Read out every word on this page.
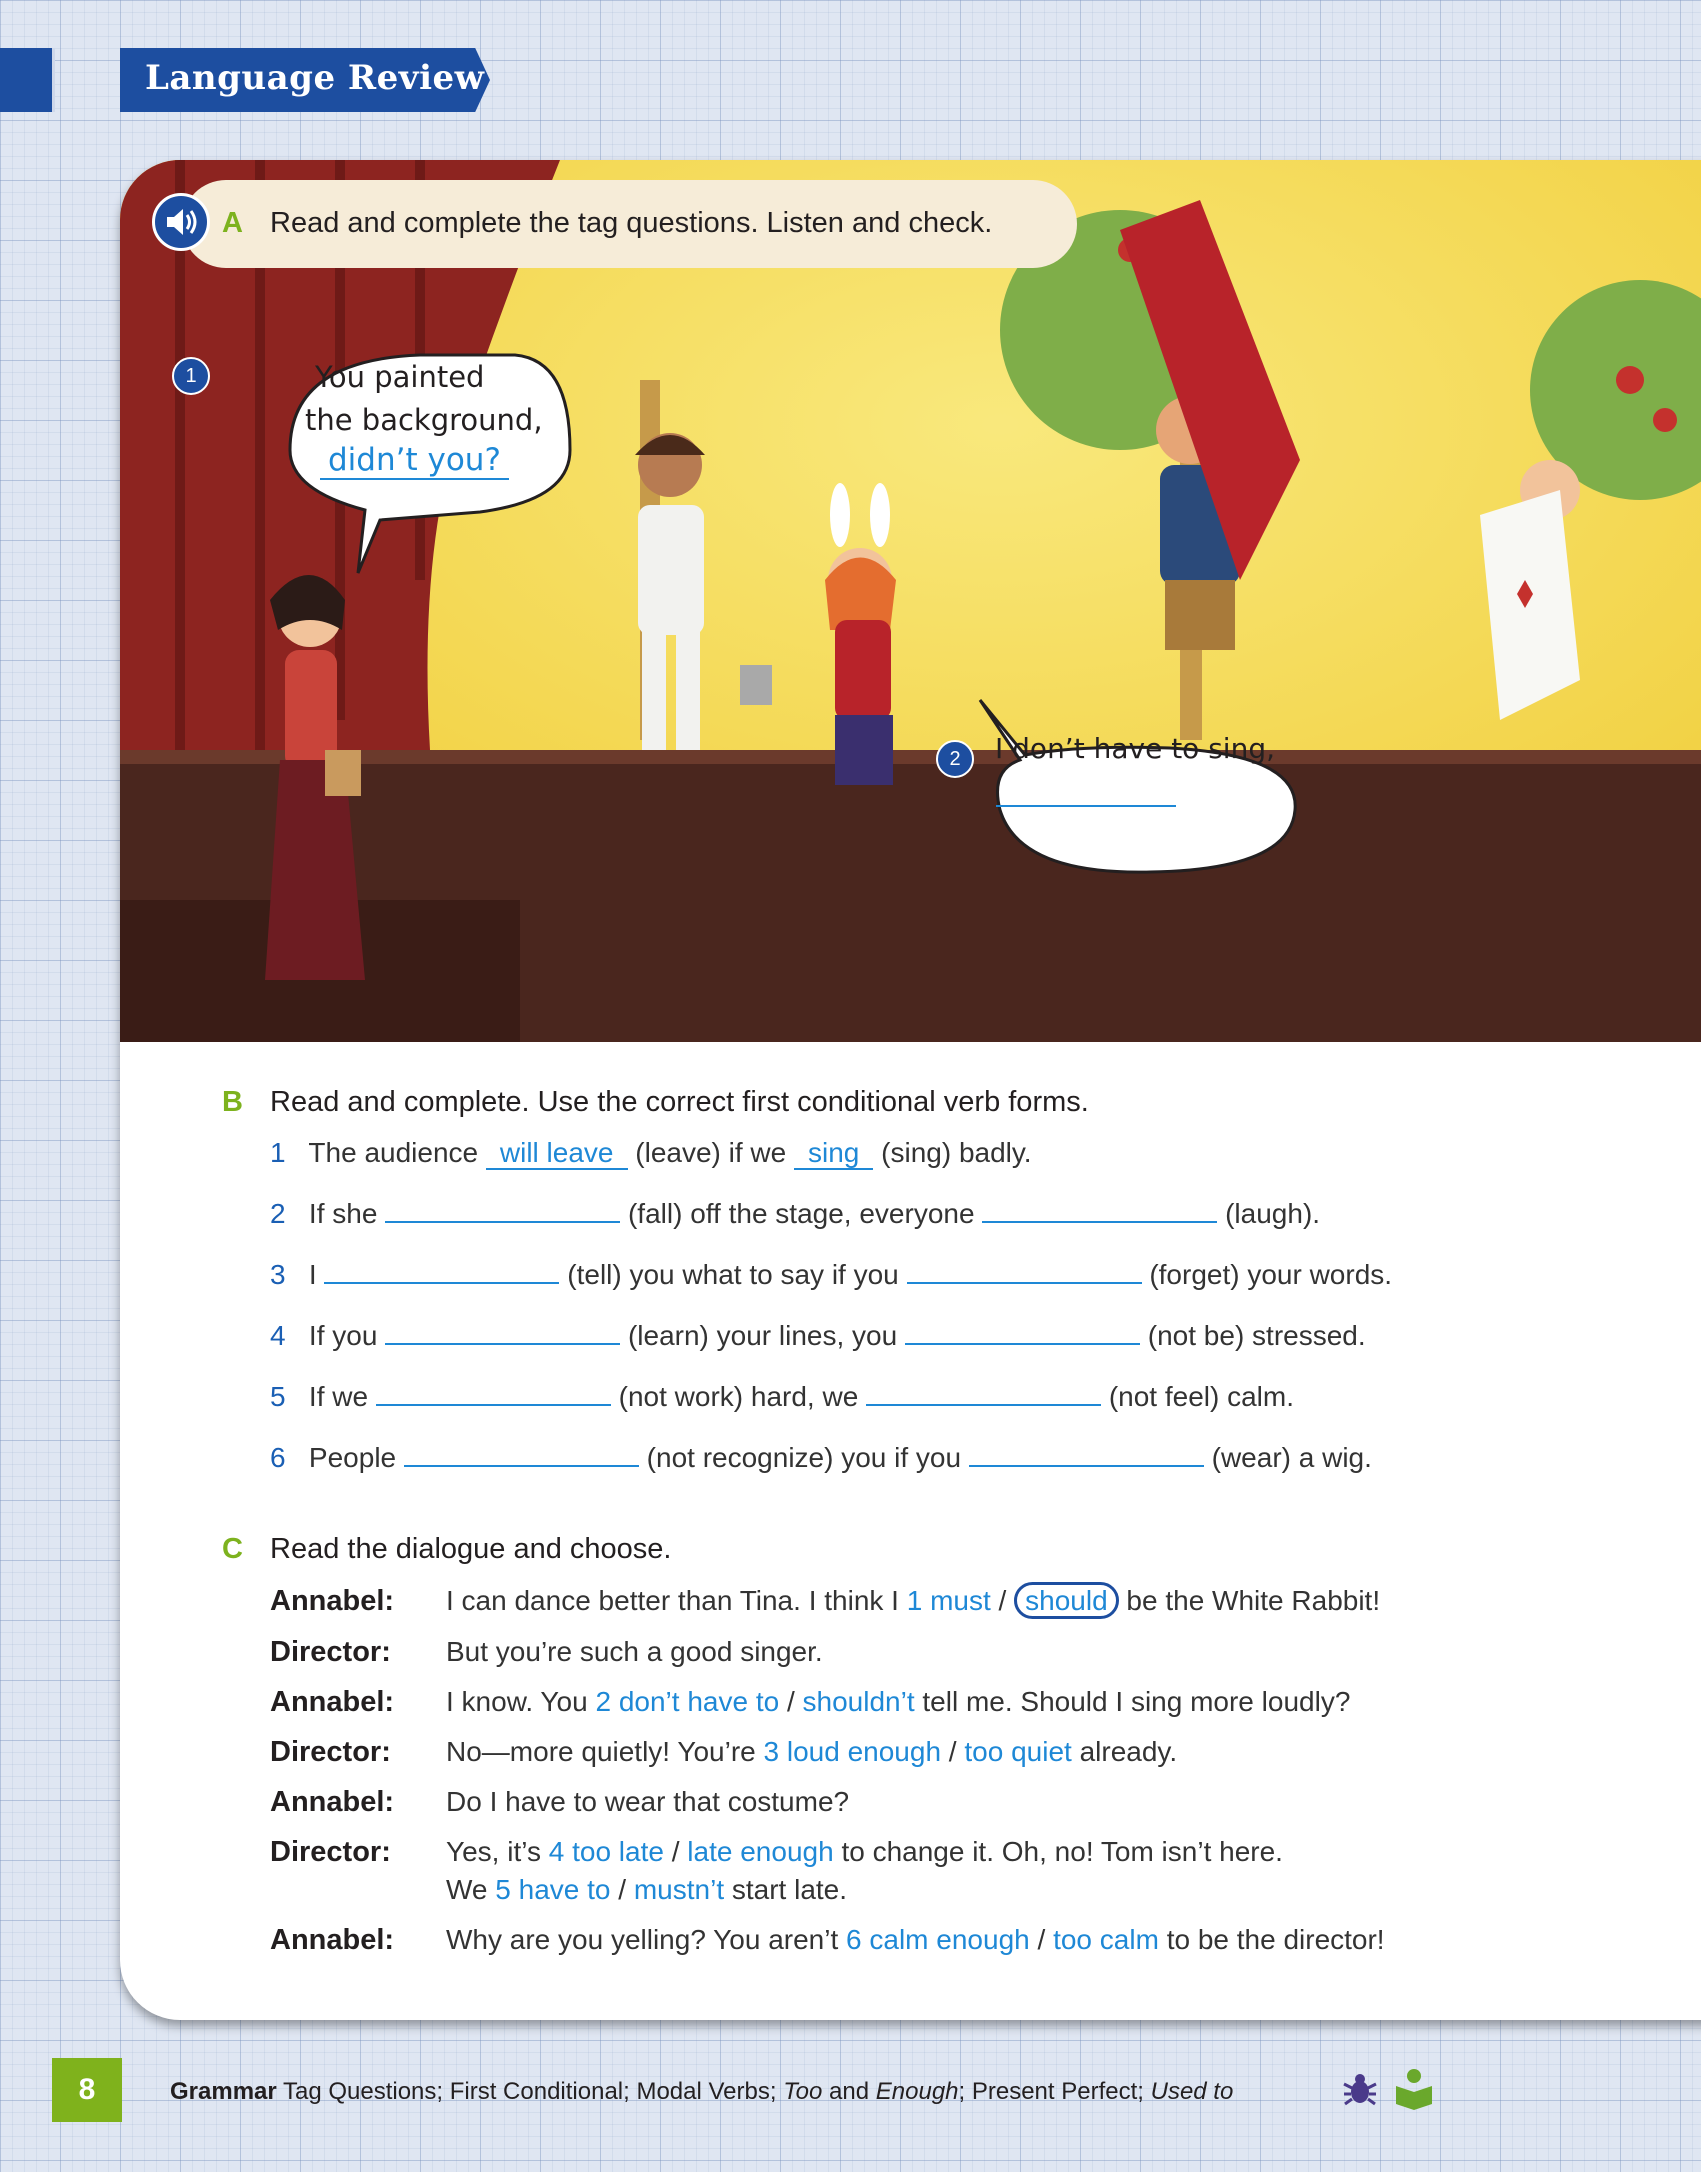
Language Review
1	You painted
the background,
didn’t you?
2	I don’t have to sing,
A Read and complete the tag questions. Listen and check.
B Read and complete. Use the correct first conditional verb forms.
1 The audience will leave (leave) if we sing (sing) badly.
2 If she	(fall) off the stage, everyone	(laugh).
3 I	(tell) you what to say if you	(forget) your words.
4 If you	(learn) your lines, you	(not be) stressed.
5 If we	(not work) hard, we	(not feel) calm.
6 People	(not recognize) you if you	(wear) a wig.
C Read the dialogue and choose.
Annabel: I can dance better than Tina. I think I 1 must / should be the White Rabbit!
Director: But you’re such a good singer.
Annabel: I know. You 2 don’t have to / shouldn’t tell me. Should I sing more loudly?
Director: No—more quietly! You’re 3 loud enough / too quiet already.
Annabel: Do I have to wear that costume?
Director: Yes, it’s 4 too late / late enough to change it. Oh, no! Tom isn’t here.
We 5 have to / mustn’t start late.
Annabel: Why are you yelling? You aren’t 6 calm enough / too calm to be the director!
8	Grammar Tag Questions; First Conditional; Modal Verbs; Too and Enough; Present Perfect; Used to
